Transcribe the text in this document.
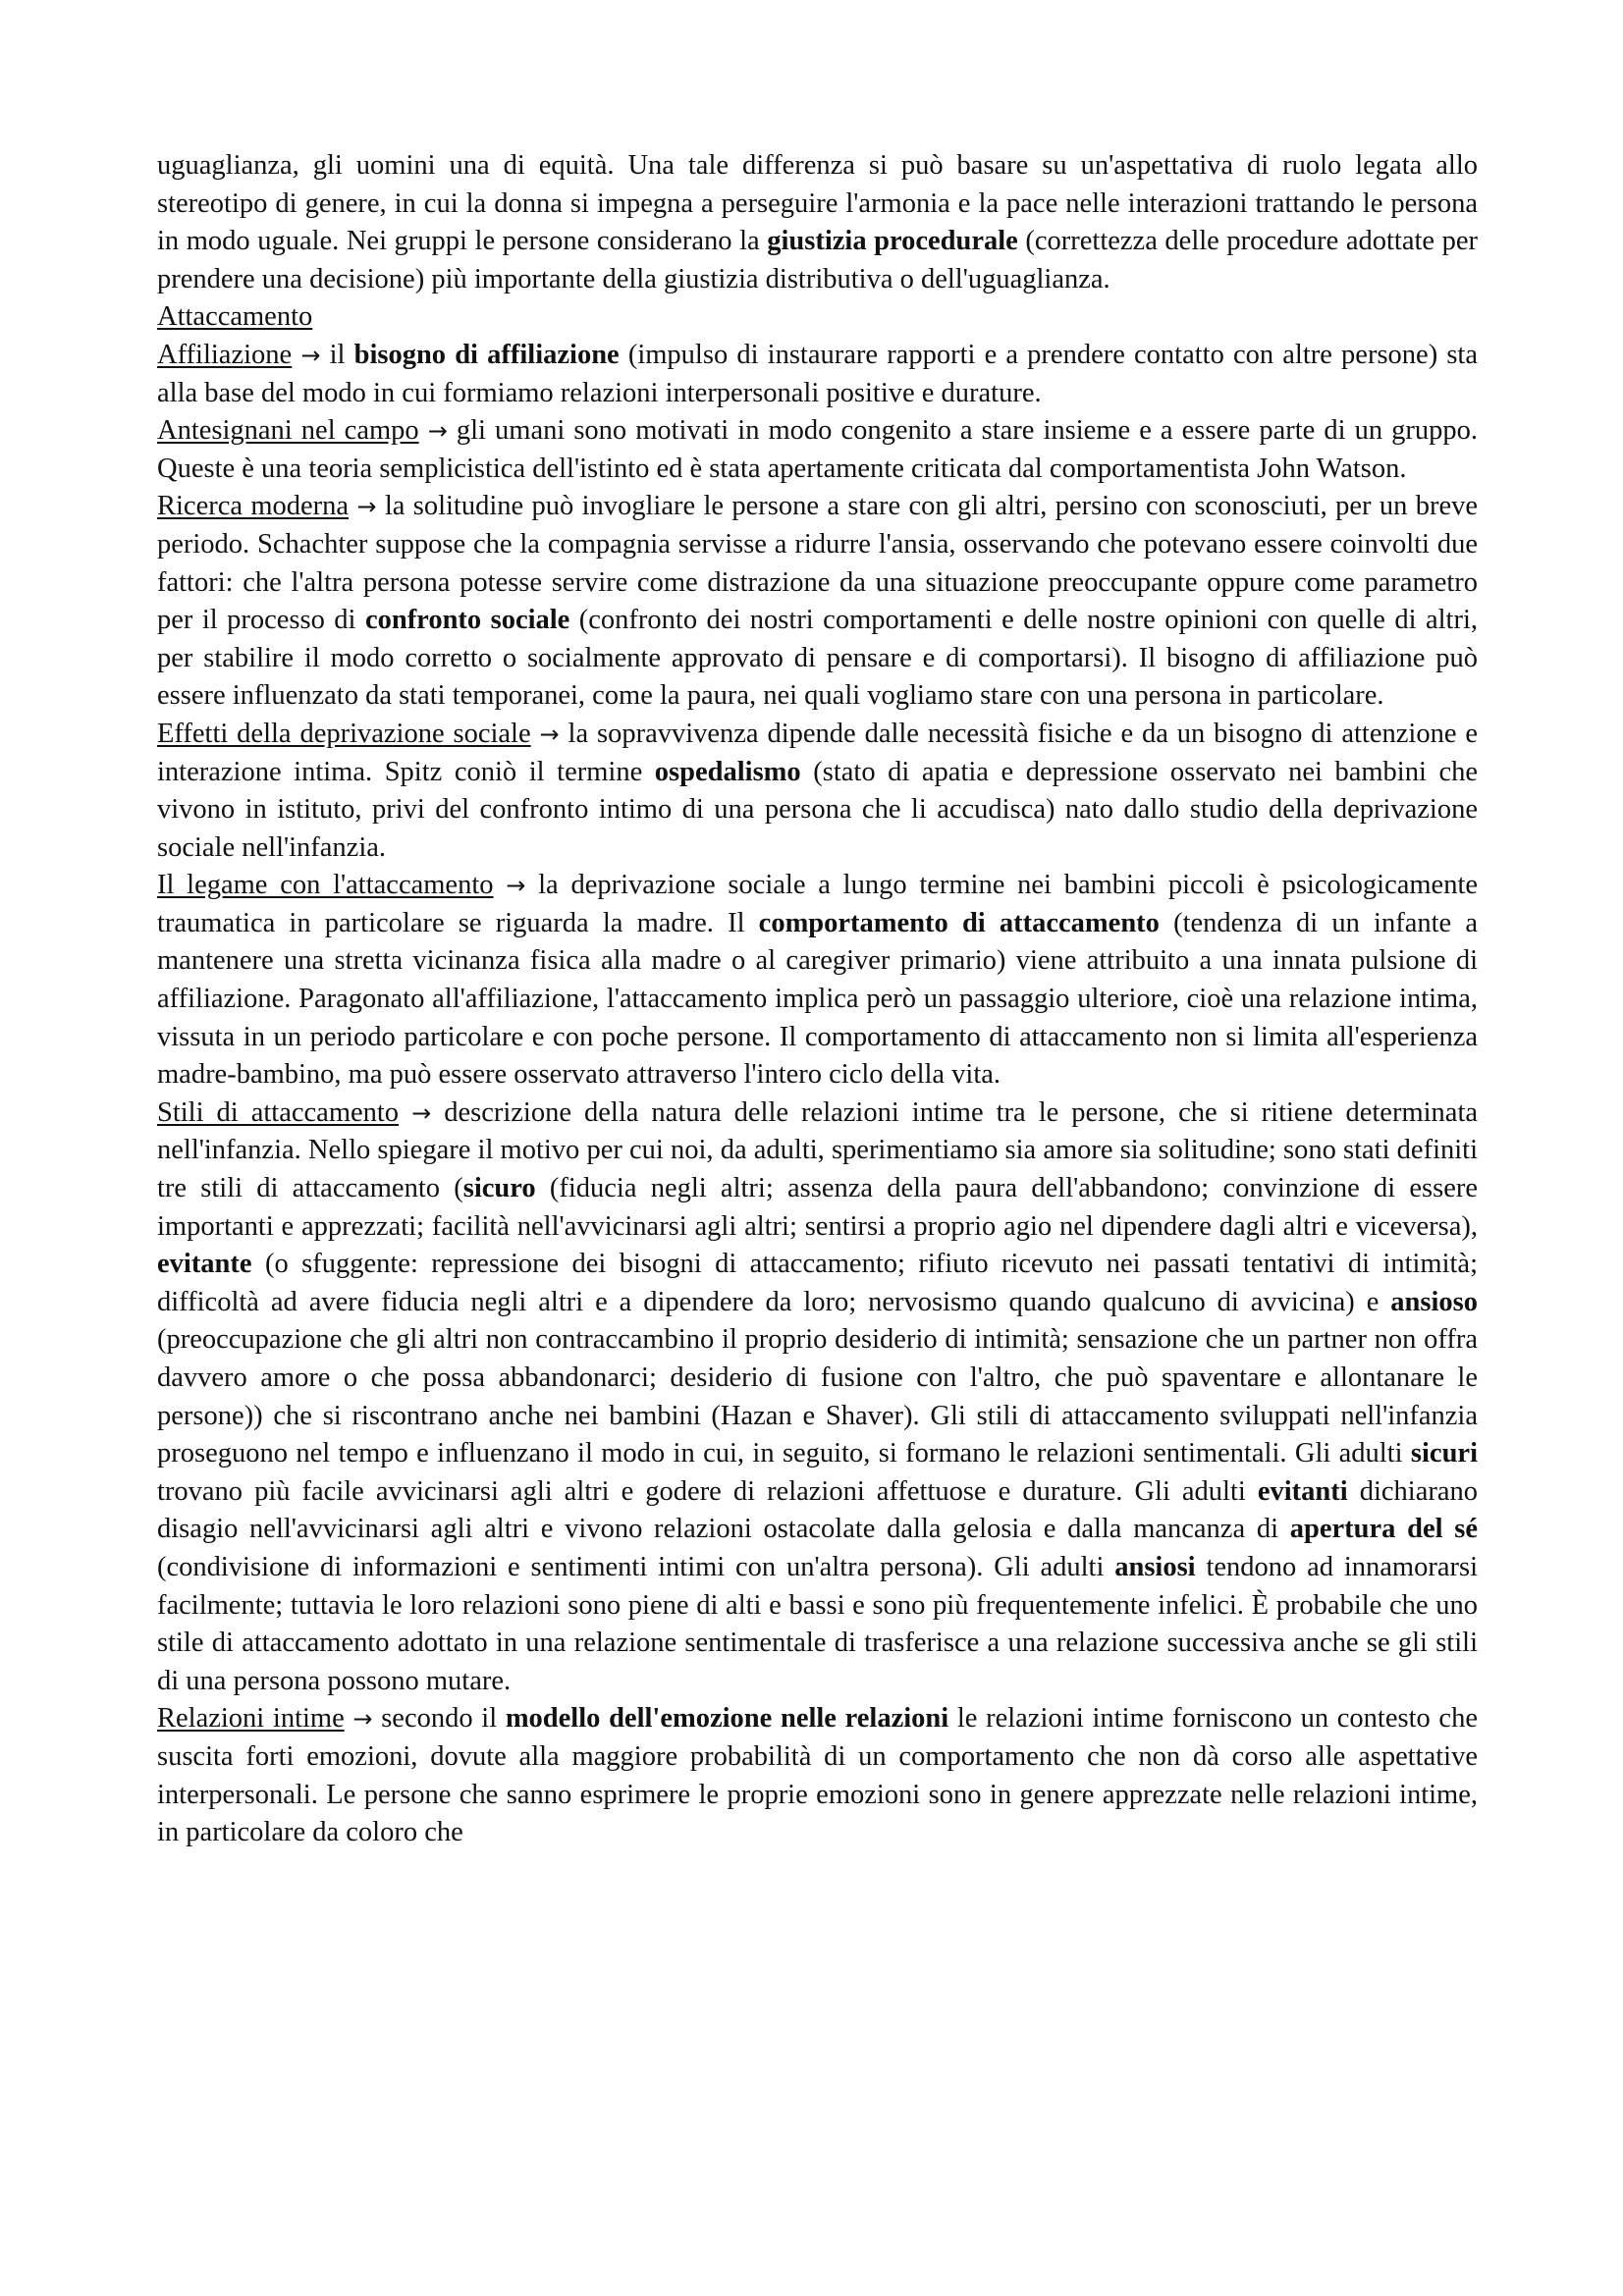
uguaglianza, gli uomini una di equità. Una tale differenza si può basare su un'aspettativa di ruolo legata allo stereotipo di genere, in cui la donna si impegna a perseguire l'armonia e la pace nelle interazioni trattando le persona in modo uguale. Nei gruppi le persone considerano la giustizia procedurale (correttezza delle procedure adottate per prendere una decisione) più importante della giustizia distributiva o dell'uguaglianza.

Attaccamento

Affiliazione → il bisogno di affiliazione (impulso di instaurare rapporti e a prendere contatto con altre persone) sta alla base del modo in cui formiamo relazioni interpersonali positive e durature.

Antesignani nel campo → gli umani sono motivati in modo congenito a stare insieme e a essere parte di un gruppo. Queste è una teoria semplicistica dell'istinto ed è stata apertamente criticata dal comportamentista John Watson.

Ricerca moderna → la solitudine può invogliare le persone a stare con gli altri, persino con sconosciuti, per un breve periodo. Schachter suppose che la compagnia servisse a ridurre l'ansia, osservando che potevano essere coinvolti due fattori: che l'altra persona potesse servire come distrazione da una situazione preoccupante oppure come parametro per il processo di confronto sociale (confronto dei nostri comportamenti e delle nostre opinioni con quelle di altri, per stabilire il modo corretto o socialmente approvato di pensare e di comportarsi). Il bisogno di affiliazione può essere influenzato da stati temporanei, come la paura, nei quali vogliamo stare con una persona in particolare.

Effetti della deprivazione sociale → la sopravvivenza dipende dalle necessità fisiche e da un bisogno di attenzione e interazione intima. Spitz coniò il termine ospedalismo (stato di apatia e depressione osservato nei bambini che vivono in istituto, privi del confronto intimo di una persona che li accudisca) nato dallo studio della deprivazione sociale nell'infanzia.

Il legame con l'attaccamento → la deprivazione sociale a lungo termine nei bambini piccoli è psicologicamente traumatica in particolare se riguarda la madre. Il comportamento di attaccamento (tendenza di un infante a mantenere una stretta vicinanza fisica alla madre o al caregiver primario) viene attribuito a una innata pulsione di affiliazione. Paragonato all'affiliazione, l'attaccamento implica però un passaggio ulteriore, cioè una relazione intima, vissuta in un periodo particolare e con poche persone. Il comportamento di attaccamento non si limita all'esperienza madre-bambino, ma può essere osservato attraverso l'intero ciclo della vita.

Stili di attaccamento → descrizione della natura delle relazioni intime tra le persone, che si ritiene determinata nell'infanzia. Nello spiegare il motivo per cui noi, da adulti, sperimentiamo sia amore sia solitudine; sono stati definiti tre stili di attaccamento (sicuro (fiducia negli altri; assenza della paura dell'abbandono; convinzione di essere importanti e apprezzati; facilità nell'avvicinarsi agli altri; sentirsi a proprio agio nel dipendere dagli altri e viceversa), evitante (o sfuggente: repressione dei bisogni di attaccamento; rifiuto ricevuto nei passati tentativi di intimità; difficoltà ad avere fiducia negli altri e a dipendere da loro; nervosismo quando qualcuno di avvicina) e ansioso (preoccupazione che gli altri non contraccambino il proprio desiderio di intimità; sensazione che un partner non offra davvero amore o che possa abbandonarci; desiderio di fusione con l'altro, che può spaventare e allontanare le persone)) che si riscontrano anche nei bambini (Hazan e Shaver). Gli stili di attaccamento sviluppati nell'infanzia proseguono nel tempo e influenzano il modo in cui, in seguito, si formano le relazioni sentimentali. Gli adulti sicuri trovano più facile avvicinarsi agli altri e godere di relazioni affettuose e durature. Gli adulti evitanti dichiarano disagio nell'avvicinarsi agli altri e vivono relazioni ostacolate dalla gelosia e dalla mancanza di apertura del sé (condivisione di informazioni e sentimenti intimi con un'altra persona). Gli adulti ansiosi tendono ad innamorarsi facilmente; tuttavia le loro relazioni sono piene di alti e bassi e sono più frequentemente infelici. È probabile che uno stile di attaccamento adottato in una relazione sentimentale di trasferisce a una relazione successiva anche se gli stili di una persona possono mutare.

Relazioni intime → secondo il modello dell'emozione nelle relazioni le relazioni intime forniscono un contesto che suscita forti emozioni, dovute alla maggiore probabilità di un comportamento che non dà corso alle aspettative interpersonali. Le persone che sanno esprimere le proprie emozioni sono in genere apprezzate nelle relazioni intime, in particolare da coloro che
